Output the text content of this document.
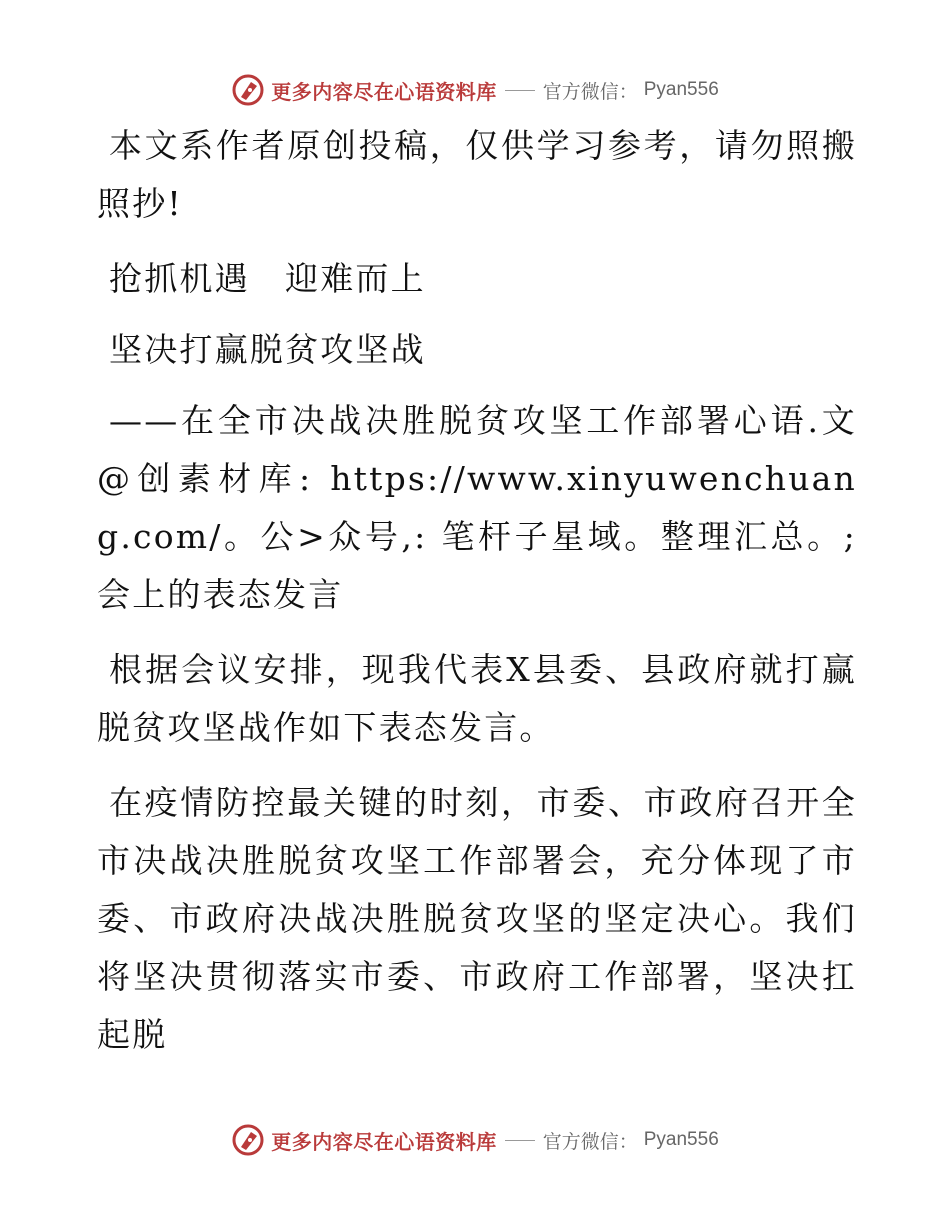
更多内容尽在心语资料库 官方微信： Pyan556

本文系作者原创投稿，仅供学习参考，请勿照搬照抄!

抢抓机遇　迎难而上

坚决打赢脱贫攻坚战

——在全市决战决胜脱贫攻坚工作部署心语.文@创素材库: https://www.xinyuwenchuang.com/。公>众号,: 笔杆子星域。整理汇总。;会上的表态发言

根据会议安排，现我代表X县委、县政府就打赢脱贫攻坚战作如下表态发言。

在疫情防控最关键的时刻，市委、市政府召开全市决战决胜脱贫攻坚工作部署会，充分体现了市委、市政府决战决胜脱贫攻坚的坚定决心。我们将坚决贯彻落实市委、市政府工作部署，坚决扛起脱

更多内容尽在心语资料库 官方微信： Pyan556
